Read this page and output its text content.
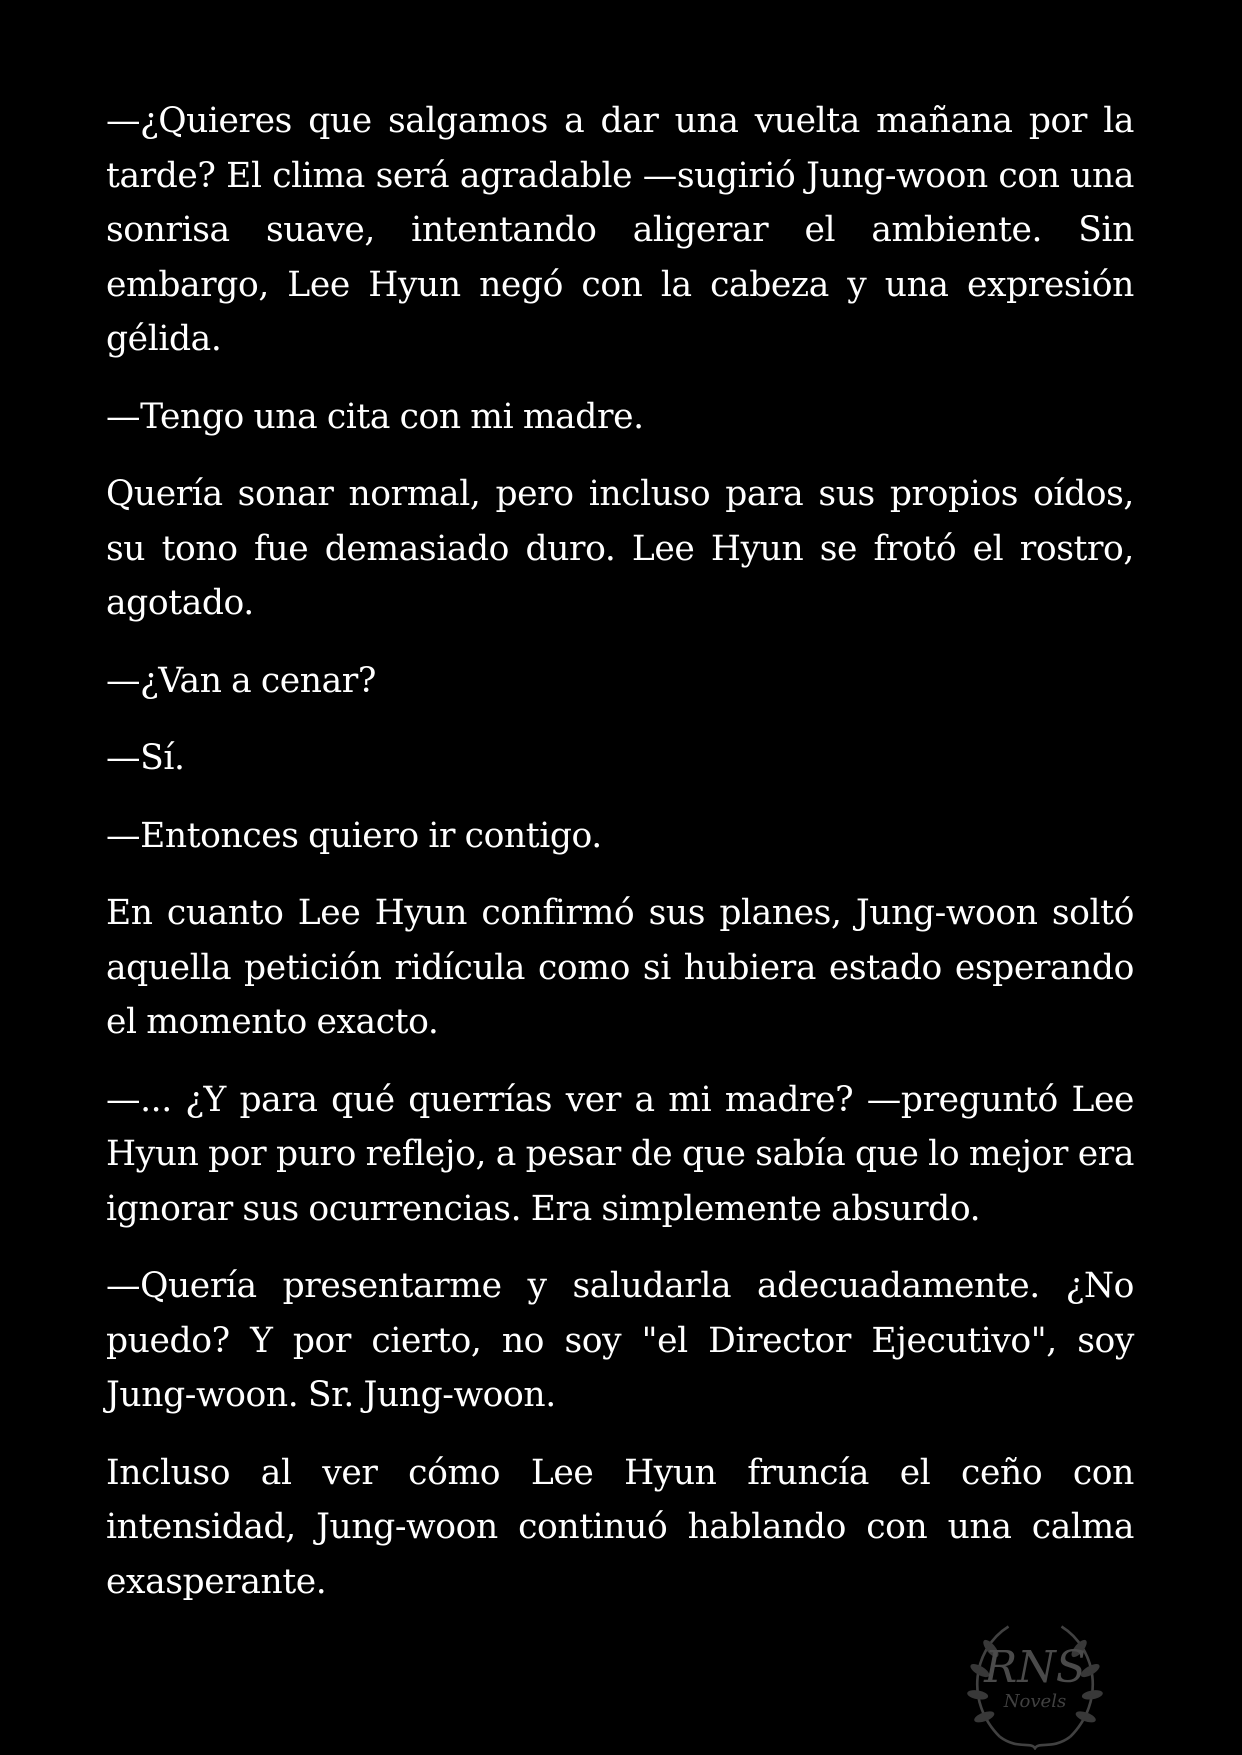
RNS
Novels

—¿Quieres que salgamos a dar una vuelta mañana por la tarde? El clima será agradable —sugirió Jung-woon con una sonrisa suave, intentando aligerar el ambiente. Sin embargo, Lee Hyun negó con la cabeza y una expresión gélida.

—Tengo una cita con mi madre.

Quería sonar normal, pero incluso para sus propios oídos, su tono fue demasiado duro. Lee Hyun se frotó el rostro, agotado.

—¿Van a cenar?

—Sí.

—Entonces quiero ir contigo.

En cuanto Lee Hyun confirmó sus planes, Jung-woon soltó aquella petición ridícula como si hubiera estado esperando el momento exacto.

—... ¿Y para qué querrías ver a mi madre? —preguntó Lee Hyun por puro reflejo, a pesar de que sabía que lo mejor era ignorar sus ocurrencias. Era simplemente absurdo.

—Quería presentarme y saludarla adecuadamente. ¿No puedo? Y por cierto, no soy "el Director Ejecutivo", soy Jung-woon. Sr. Jung-woon.

Incluso al ver cómo Lee Hyun fruncía el ceño con intensidad, Jung-woon continuó hablando con una calma exasperante.
